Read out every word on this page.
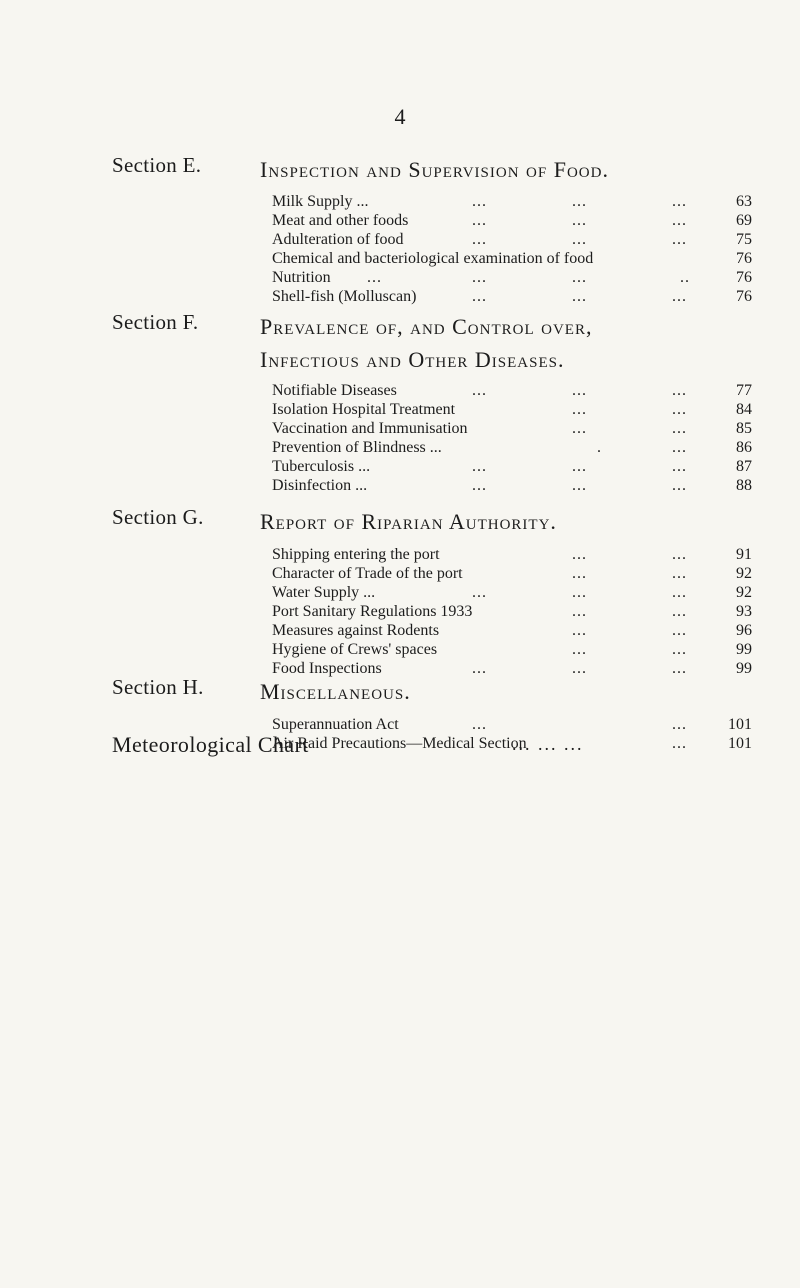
4
Section E.	Inspection and Supervision of Food.
Milk Supply ...	...	...	...	63
Meat and other foods	...	...	...	69
Adulteration of food	...	...	...	75
Chemical and bacteriological examination of food	76
Nutrition ...	...	...	..	76
Shell-fish (Molluscan)	...	...	...	76
Section F.	Prevalence of, and Control over,
Infectious and Other Diseases.
Notifiable Diseases	...	...	...	77
Isolation Hospital Treatment	...	...	84
Vaccination and Immunisation	...	...	85
Prevention of Blindness ...	.	...	86
Tuberculosis ...	...	...	...	87
Disinfection ...	...	...	...	88
Section G.	Report of Riparian Authority.
Shipping entering the port	...	...	91
Character of Trade of the port	...	...	92
Water Supply ...	...	...	...	92
Port Sanitary Regulations 1933	...	...	93
Measures against Rodents	...	...	96
Hygiene of Crews' spaces	...	...	99
Food Inspections	...	...	...	99
Section H.	Miscellaneous.
Superannuation Act	...	...	101
Air Raid Precautions—Medical Section	...	101
Meteorological Chart	... ... ...
